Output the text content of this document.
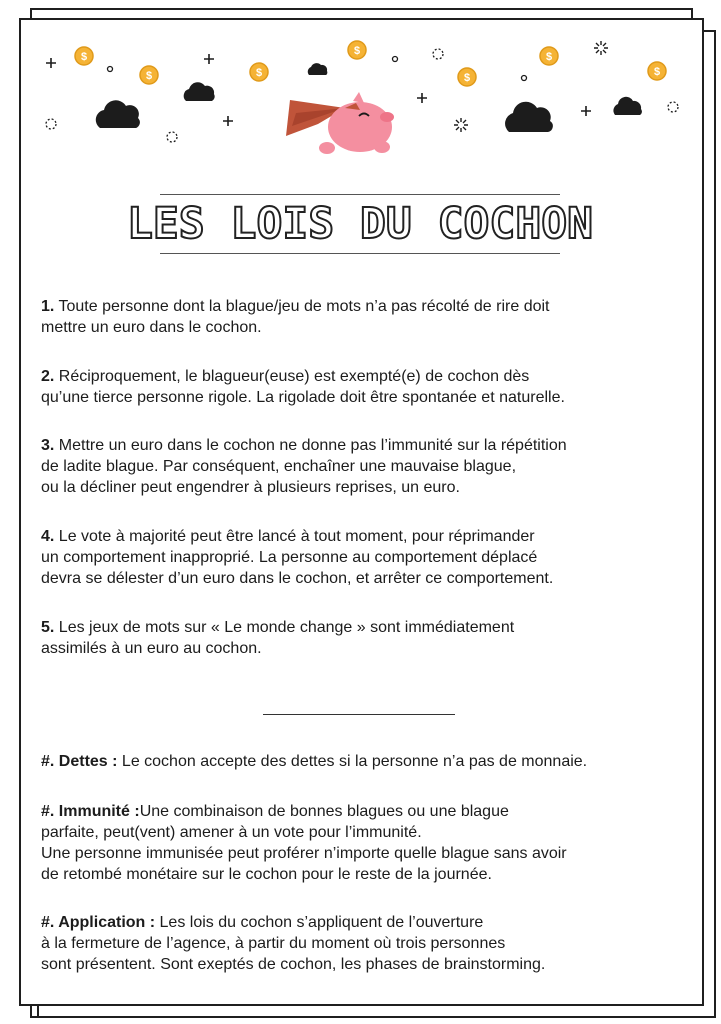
$
$	$
$
$
$
$
LES LOIS DU COCHON

1. Toute personne dont la blague/jeu de mots n’a pas récolté de rire doit
mettre un euro dans le cochon.

2. Réciproquement, le blagueur(euse) est exempté(e) de cochon dès
qu’une tierce personne rigole. La rigolade doit être spontanée et naturelle.

3. Mettre un euro dans le cochon ne donne pas l’immunité sur la répétition
de ladite blague. Par conséquent, enchaîner une mauvaise blague,
ou la décliner peut engendrer à plusieurs reprises, un euro.

4. Le vote à majorité peut être lancé à tout moment, pour réprimander
un comportement inapproprié. La personne au comportement déplacé
devra se délester d’un euro dans le cochon, et arrêter ce comportement.

5. Les jeux de mots sur « Le monde change » sont immédiatement
assimilés à un euro au cochon.

#. Dettes : Le cochon accepte des dettes si la personne n’a pas de monnaie.

#. Immunité :Une combinaison de bonnes blagues ou une blague
parfaite, peut(vent) amener à un vote pour l’immunité.
Une personne immunisée peut proférer n’importe quelle blague sans avoir
de retombé monétaire sur le cochon pour le reste de la journée.

#. Application : Les lois du cochon s’appliquent de l’ouverture
à la fermeture de l’agence, à partir du moment où trois personnes
sont présentent. Sont exeptés de cochon, les phases de brainstorming.
